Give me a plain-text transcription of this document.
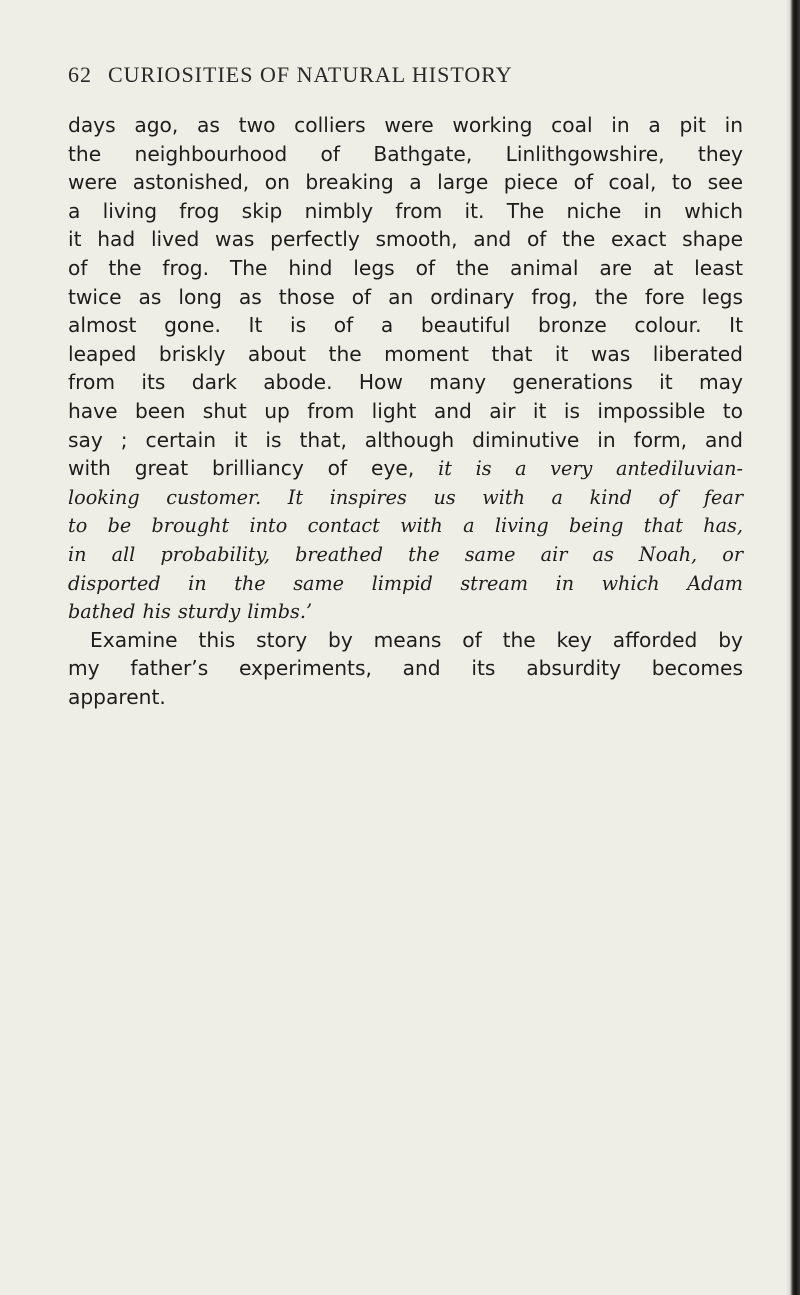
62 CURIOSITIES OF NATURAL HISTORY
days ago, as two colliers were working coal in a pit in
the neighbourhood of Bathgate, Linlithgowshire, they
were astonished, on breaking a large piece of coal, to see
a living frog skip nimbly from it. The niche in which
it had lived was perfectly smooth, and of the exact shape
of the frog. The hind legs of the animal are at least
twice as long as those of an ordinary frog, the fore legs
almost gone. It is of a beautiful bronze colour. It
leaped briskly about the moment that it was liberated
from its dark abode. How many generations it may
have been shut up from light and air it is impossible to
say ; certain it is that, although diminutive in form, and
with great brilliancy of eye, it is a very antediluvian-
looking customer. It inspires us with a kind of fear
to be brought into contact with a living being that has,
in all probability, breathed the same air as Noah, or
disported in the same limpid stream in which Adam
bathed his sturdy limbs.’
Examine this story by means of the key afforded by
my father’s experiments, and its absurdity becomes
apparent.
